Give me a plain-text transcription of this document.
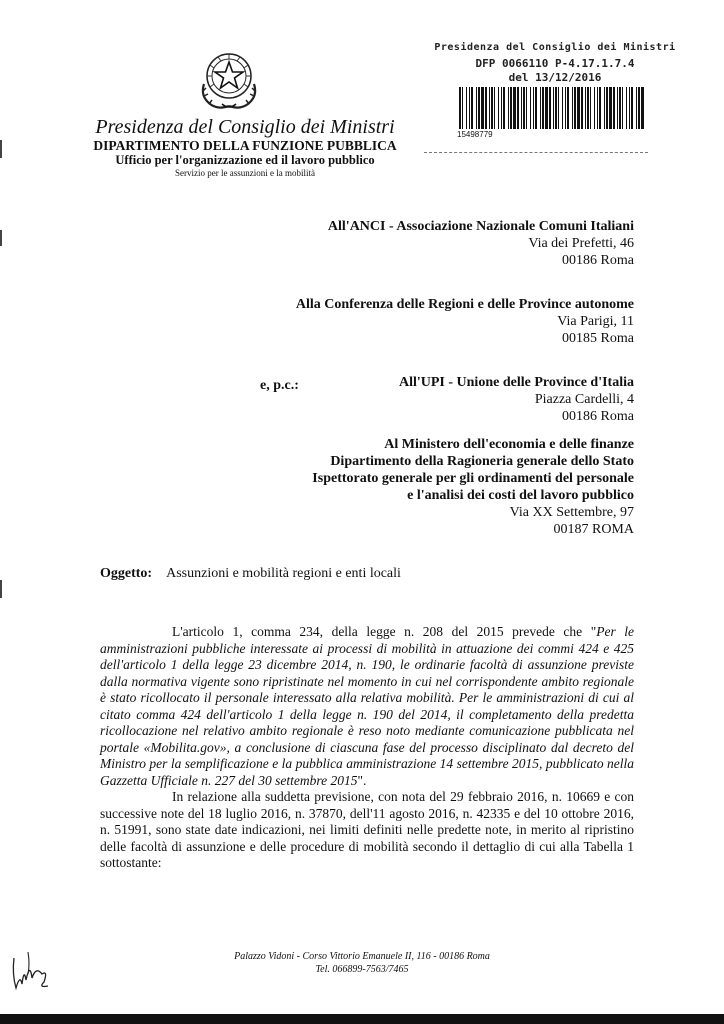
Presidenza del Consiglio dei Ministri
DIPARTIMENTO DELLA FUNZIONE PUBBLICA
Ufficio per l'organizzazione ed il lavoro pubblico
Servizio per le assunzioni e la mobilità
Presidenza del Consiglio dei Ministri
DFP 0066110 P-4.17.1.7.4
del 13/12/2016
15498779
All'ANCI - Associazione Nazionale Comuni Italiani
Via dei Prefetti, 46
00186 Roma
Alla Conferenza delle Regioni e delle Province autonome
Via Parigi, 11
00185 Roma
e, p.c.:	All'UPI - Unione delle Province d'Italia
Piazza Cardelli, 4
00186 Roma
Al Ministero dell'economia e delle finanze
Dipartimento della Ragioneria generale dello Stato
Ispettorato generale per gli ordinamenti del personale
e l'analisi dei costi del lavoro pubblico
Via XX Settembre, 97
00187 ROMA
Oggetto: Assunzioni e mobilità regioni e enti locali

L'articolo 1, comma 234, della legge n. 208 del 2015 prevede che "Per le amministrazioni pubbliche interessate ai processi di mobilità in attuazione dei commi 424 e 425 dell'articolo 1 della legge 23 dicembre 2014, n. 190, le ordinarie facoltà di assunzione previste dalla normativa vigente sono ripristinate nel momento in cui nel corrispondente ambito regionale è stato ricollocato il personale interessato alla relativa mobilità. Per le amministrazioni di cui al citato comma 424 dell'articolo 1 della legge n. 190 del 2014, il completamento della predetta ricollocazione nel relativo ambito regionale è reso noto mediante comunicazione pubblicata nel portale «Mobilita.gov», a conclusione di ciascuna fase del processo disciplinato dal decreto del Ministro per la semplificazione e la pubblica amministrazione 14 settembre 2015, pubblicato nella Gazzetta Ufficiale n. 227 del 30 settembre 2015".

In relazione alla suddetta previsione, con nota del 29 febbraio 2016, n. 10669 e con successive note del 18 luglio 2016, n. 37870, dell'11 agosto 2016, n. 42335 e del 10 ottobre 2016, n. 51991, sono state date indicazioni, nei limiti definiti nelle predette note, in merito al ripristino delle facoltà di assunzione e delle procedure di mobilità secondo il dettaglio di cui alla Tabella 1 sottostante:

Palazzo Vidoni - Corso Vittorio Emanuele II, 116 - 00186 Roma
Tel. 066899-7563/7465
